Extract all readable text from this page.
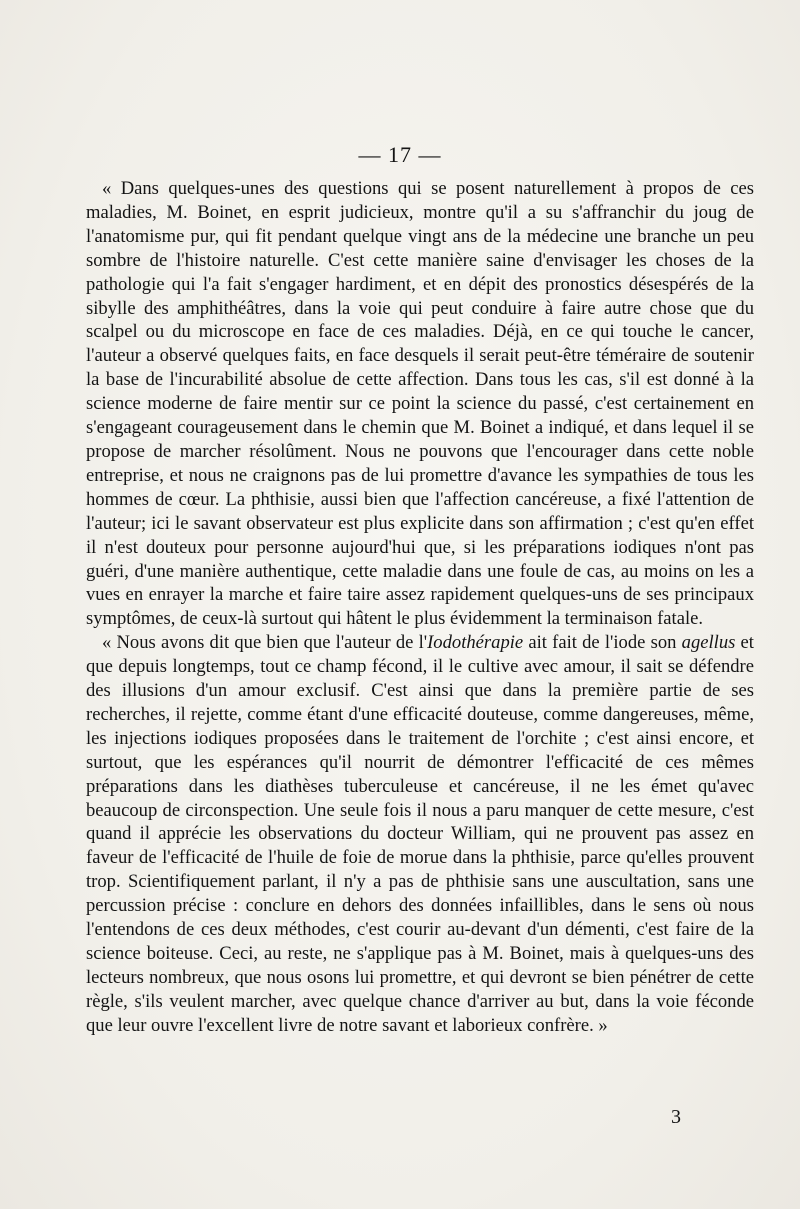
— 17 —

« Dans quelques-unes des questions qui se posent naturellement à propos de ces maladies, M. Boinet, en esprit judicieux, montre qu'il a su s'affranchir du joug de l'anatomisme pur, qui fit pendant quelque vingt ans de la médecine une branche un peu sombre de l'histoire naturelle. C'est cette manière saine d'envisager les choses de la pathologie qui l'a fait s'engager hardiment, et en dépit des pronostics désespérés de la sibylle des amphithéâtres, dans la voie qui peut conduire à faire autre chose que du scalpel ou du microscope en face de ces maladies. Déjà, en ce qui touche le cancer, l'auteur a observé quelques faits, en face desquels il serait peut-être téméraire de soutenir la base de l'incurabilité absolue de cette affection. Dans tous les cas, s'il est donné à la science moderne de faire mentir sur ce point la science du passé, c'est certainement en s'engageant courageusement dans le chemin que M. Boinet a indiqué, et dans lequel il se propose de marcher résolûment. Nous ne pouvons que l'encourager dans cette noble entreprise, et nous ne craignons pas de lui promettre d'avance les sympathies de tous les hommes de cœur. La phthisie, aussi bien que l'affection cancéreuse, a fixé l'attention de l'auteur; ici le savant observateur est plus explicite dans son affirmation ; c'est qu'en effet il n'est douteux pour personne aujourd'hui que, si les préparations iodiques n'ont pas guéri, d'une manière authentique, cette maladie dans une foule de cas, au moins on les a vues en enrayer la marche et faire taire assez rapidement quelques-uns de ses principaux symptômes, de ceux-là surtout qui hâtent le plus évidemment la terminaison fatale.

« Nous avons dit que bien que l'auteur de l'Iodothérapie ait fait de l'iode son agellus et que depuis longtemps, tout ce champ fécond, il le cultive avec amour, il sait se défendre des illusions d'un amour exclusif. C'est ainsi que dans la première partie de ses recherches, il rejette, comme étant d'une efficacité douteuse, comme dangereuses, même, les injections iodiques proposées dans le traitement de l'orchite ; c'est ainsi encore, et surtout, que les espérances qu'il nourrit de démontrer l'efficacité de ces mêmes préparations dans les diathèses tuberculeuse et cancéreuse, il ne les émet qu'avec beaucoup de circonspection. Une seule fois il nous a paru manquer de cette mesure, c'est quand il apprécie les observations du docteur William, qui ne prouvent pas assez en faveur de l'efficacité de l'huile de foie de morue dans la phthisie, parce qu'elles prouvent trop. Scientifiquement parlant, il n'y a pas de phthisie sans une auscultation, sans une percussion précise : conclure en dehors des données infaillibles, dans le sens où nous l'entendons de ces deux méthodes, c'est courir au-devant d'un démenti, c'est faire de la science boiteuse. Ceci, au reste, ne s'applique pas à M. Boinet, mais à quelques-uns des lecteurs nombreux, que nous osons lui promettre, et qui devront se bien pénétrer de cette règle, s'ils veulent marcher, avec quelque chance d'arriver au but, dans la voie féconde que leur ouvre l'excellent livre de notre savant et laborieux confrère. »

3
